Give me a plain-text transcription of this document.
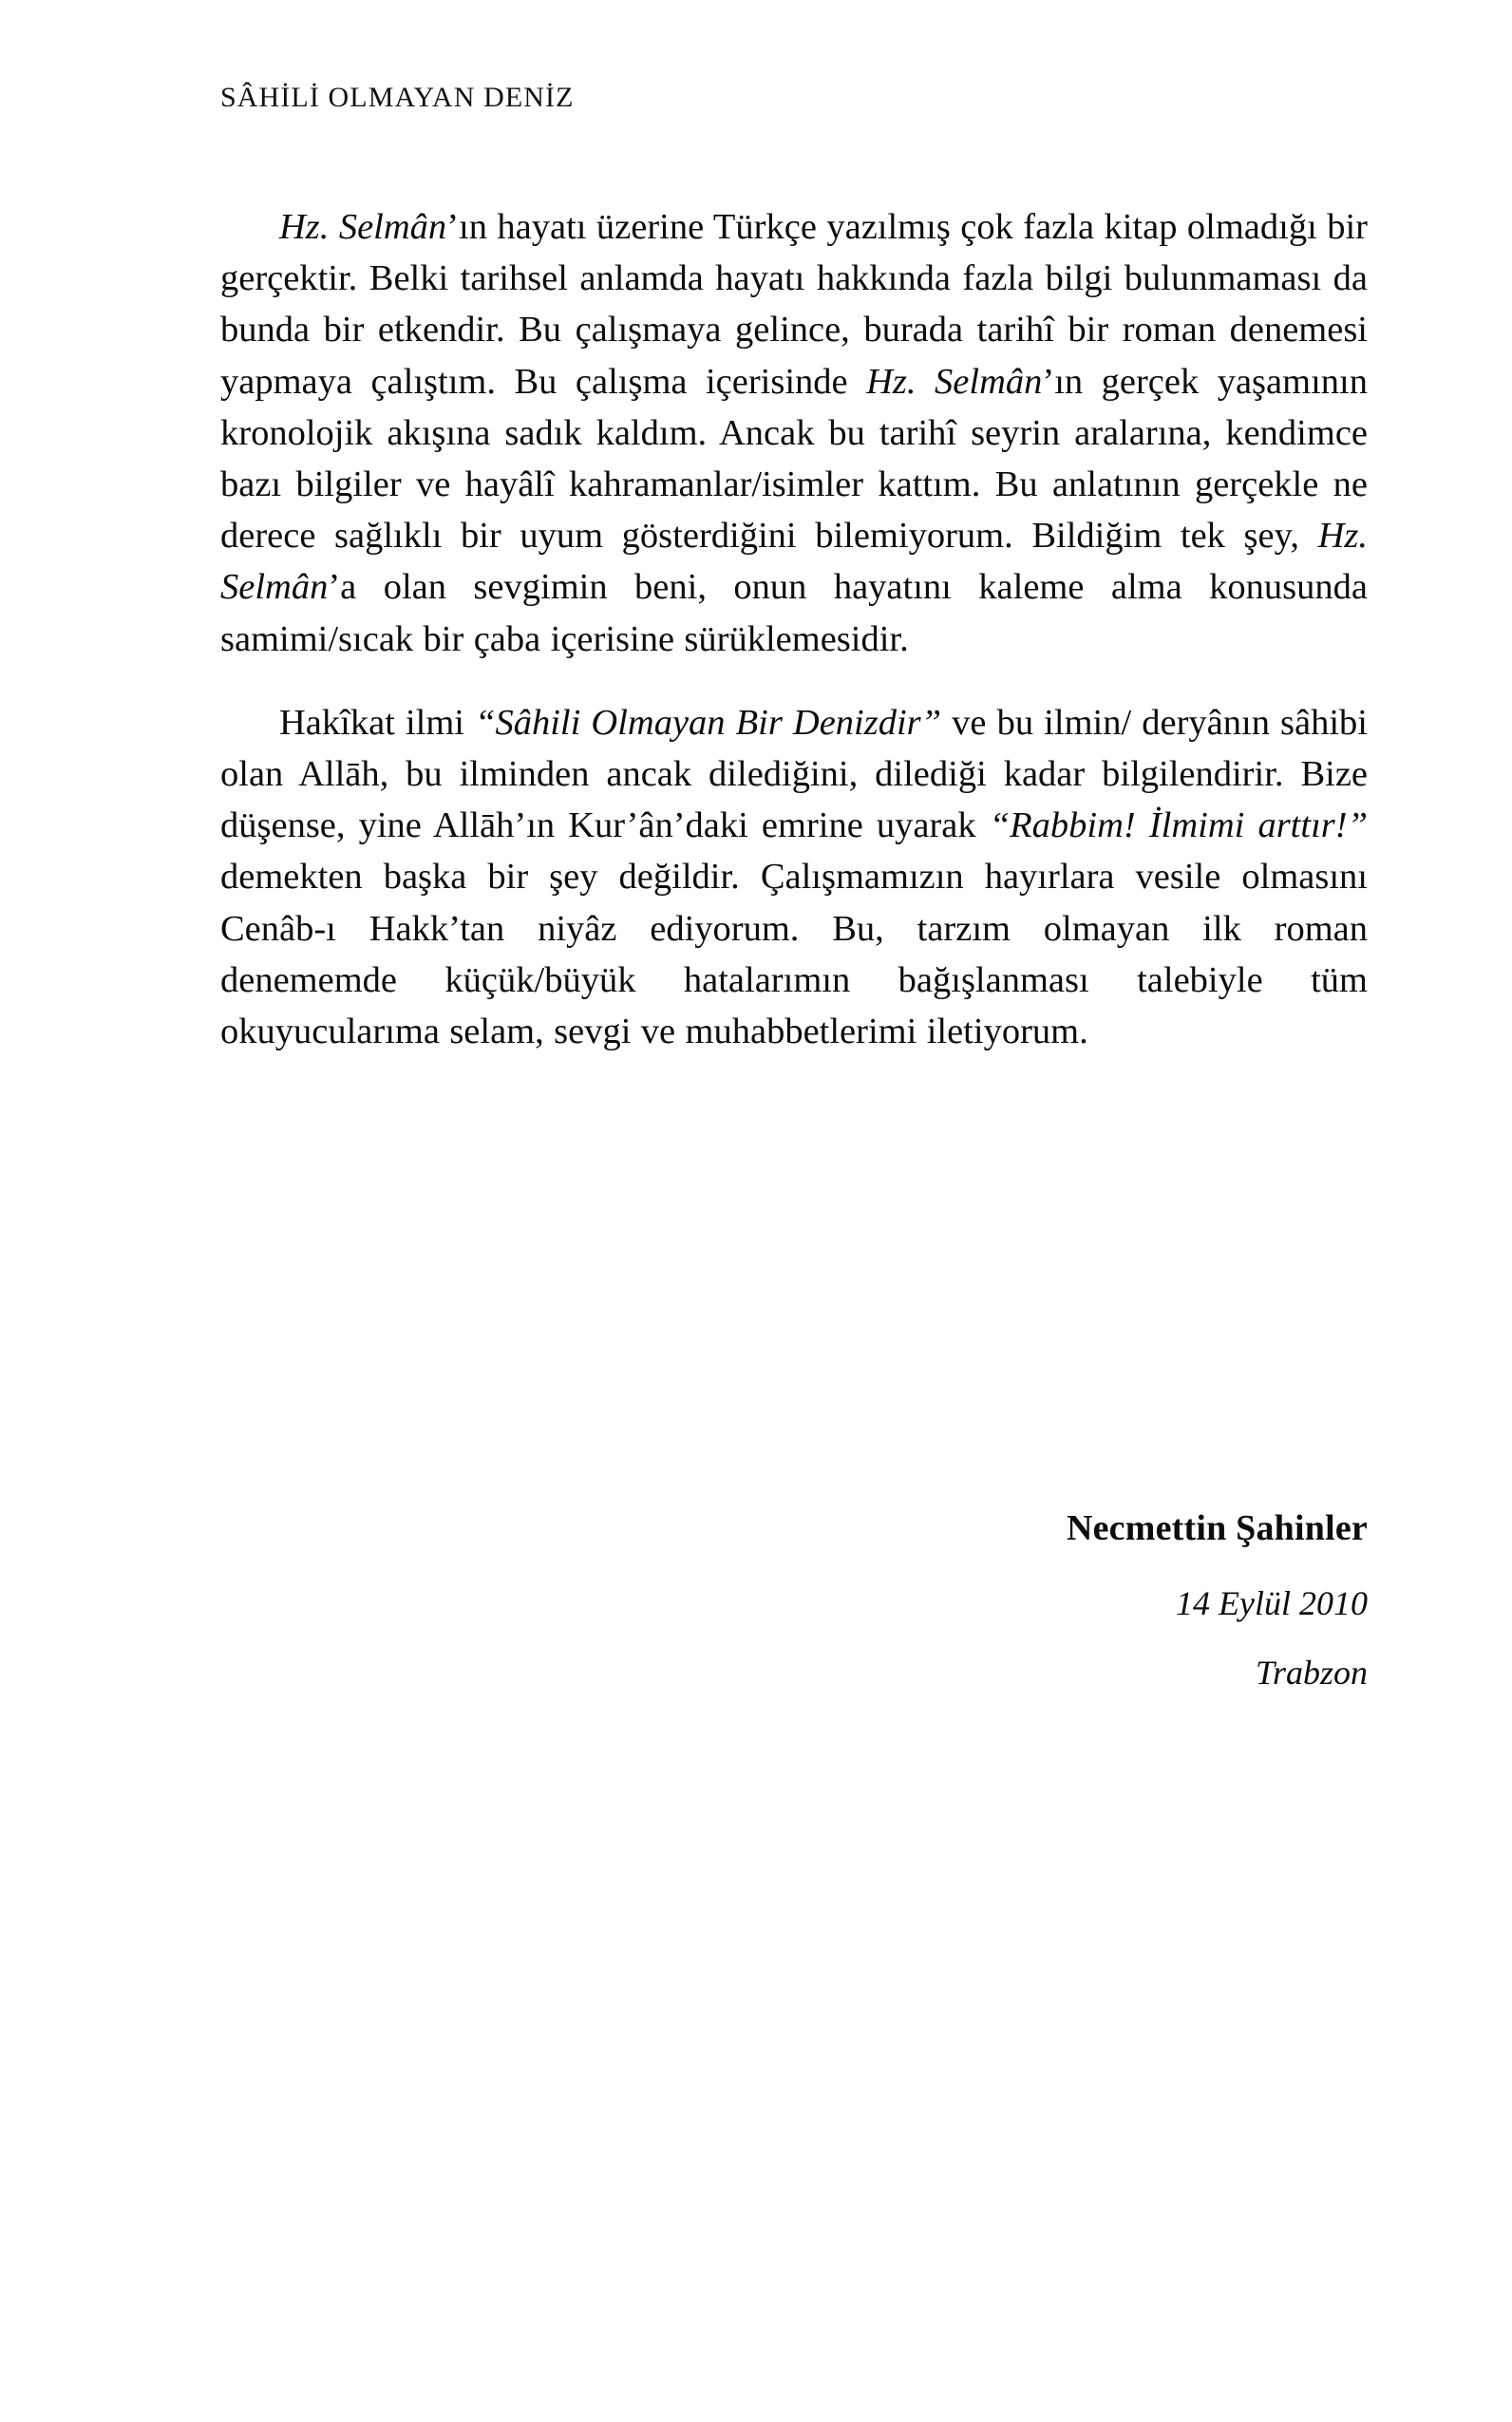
SÂHİLİ OLMAYAN DENİZ

Hz. Selmân’ın hayatı üzerine Türkçe yazılmış çok fazla kitap olmadığı bir gerçektir. Belki tarihsel anlamda hayatı hakkında fazla bilgi bulunmaması da bunda bir etkendir. Bu çalışmaya gelince, burada tarihî bir roman denemesi yapmaya çalıştım. Bu çalışma içerisinde Hz. Selmân’ın gerçek yaşamının kronolojik akışına sadık kaldım. Ancak bu tarihî seyrin aralarına, kendimce bazı bilgiler ve hayâlî kahramanlar/isimler kattım. Bu anlatının gerçekle ne derece sağlıklı bir uyum gösterdiğini bilemiyorum. Bildiğim tek şey, Hz. Selmân’a olan sevgimin beni, onun hayatını kaleme alma konusunda samimi/sıcak bir çaba içerisine sürüklemesidir.

Hakîkat ilmi “Sâhili Olmayan Bir Denizdir” ve bu ilmin/ deryânın sâhibi olan Allāh, bu ilminden ancak dilediğini, dilediği kadar bilgilendirir. Bize düşense, yine Allāh’ın Kur’ân’daki emrine uyarak “Rabbim! İlmimi arttır!” demekten başka bir şey değildir. Çalışmamızın hayırlara vesile olmasını Cenâb-ı Hakk’tan niyâz ediyorum. Bu, tarzım olmayan ilk roman denememde küçük/büyük hatalarımın bağışlanması talebiyle tüm okuyucularıma selam, sevgi ve muhabbetlerimi iletiyorum.

Necmettin Şahinler
14 Eylül 2010
Trabzon
